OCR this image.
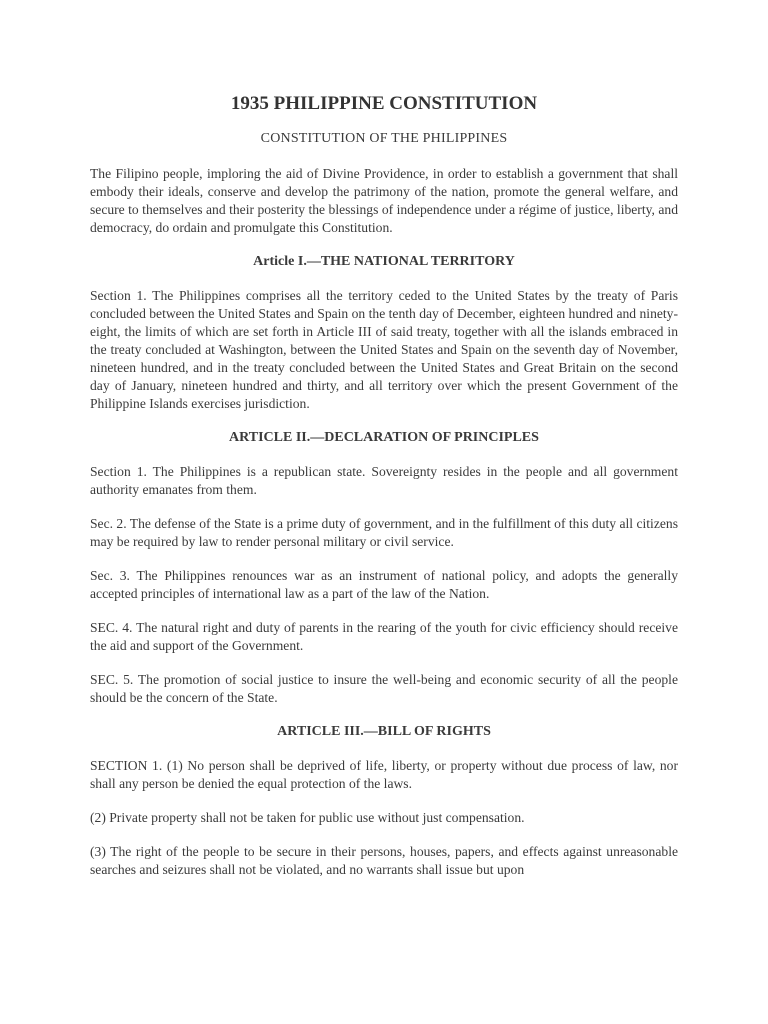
1935 PHILIPPINE CONSTITUTION
CONSTITUTION OF THE PHILIPPINES

The Filipino people, imploring the aid of Divine Providence, in order to establish a government that shall embody their ideals, conserve and develop the patrimony of the nation, promote the general welfare, and secure to themselves and their posterity the blessings of independence under a régime of justice, liberty, and democracy, do ordain and promulgate this Constitution.

Article I.—THE NATIONAL TERRITORY

Section 1. The Philippines comprises all the territory ceded to the United States by the treaty of Paris concluded between the United States and Spain on the tenth day of December, eighteen hundred and ninety-eight, the limits of which are set forth in Article III of said treaty, together with all the islands embraced in the treaty concluded at Washington, between the United States and Spain on the seventh day of November, nineteen hundred, and in the treaty concluded between the United States and Great Britain on the second day of January, nineteen hundred and thirty, and all territory over which the present Government of the Philippine Islands exercises jurisdiction.

ARTICLE II.—DECLARATION OF PRINCIPLES

Section 1. The Philippines is a republican state. Sovereignty resides in the people and all government authority emanates from them.

Sec. 2. The defense of the State is a prime duty of government, and in the fulfillment of this duty all citizens may be required by law to render personal military or civil service.

Sec. 3. The Philippines renounces war as an instrument of national policy, and adopts the generally accepted principles of international law as a part of the law of the Nation.

SEC. 4. The natural right and duty of parents in the rearing of the youth for civic efficiency should receive the aid and support of the Government.

SEC. 5. The promotion of social justice to insure the well-being and economic security of all the people should be the concern of the State.

ARTICLE III.—BILL OF RIGHTS

SECTION 1. (1) No person shall be deprived of life, liberty, or property without due process of law, nor shall any person be denied the equal protection of the laws.

(2) Private property shall not be taken for public use without just compensation.

(3) The right of the people to be secure in their persons, houses, papers, and effects against unreasonable searches and seizures shall not be violated, and no warrants shall issue but upon
